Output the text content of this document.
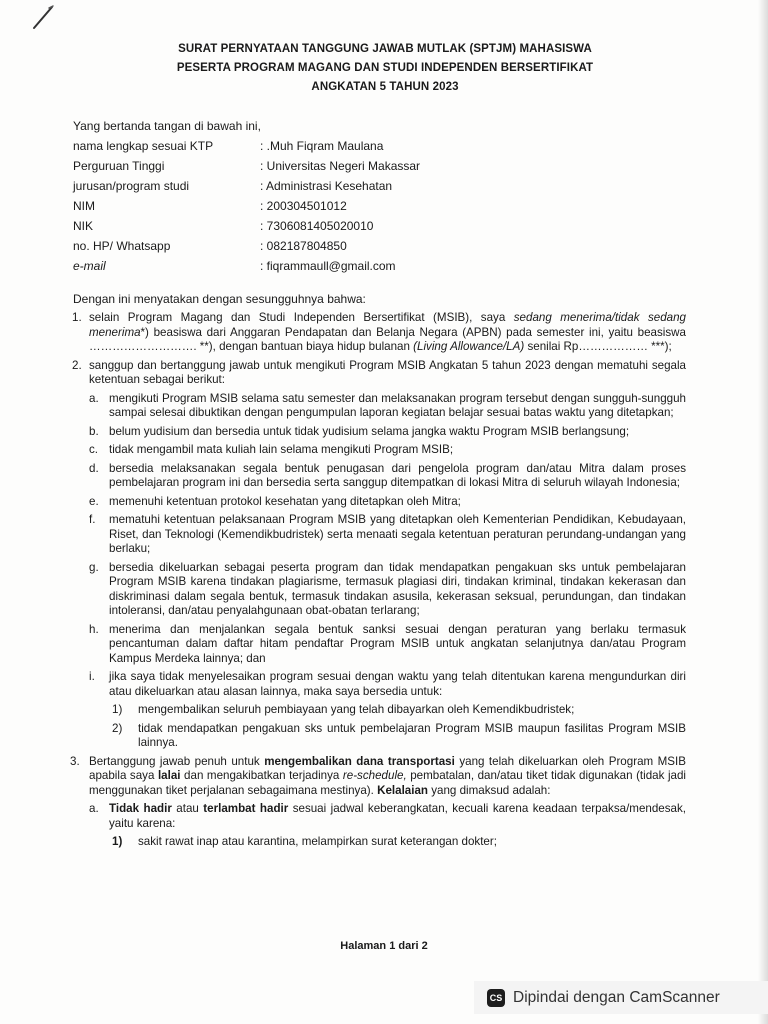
SURAT PERNYATAAN TANGGUNG JAWAB MUTLAK (SPTJM) MAHASISWA
PESERTA PROGRAM MAGANG DAN STUDI INDEPENDEN BERSERTIFIKAT
ANGKATAN 5 TAHUN 2023
Yang bertanda tangan di bawah ini,
nama lengkap sesuai KTP	: .Muh Fiqram Maulana
Perguruan Tinggi	: Universitas Negeri Makassar
jurusan/program studi	: Administrasi Kesehatan
NIM	: 200304501012
NIK	: 7306081405020010
no. HP/ Whatsapp	: 082187804850
e-mail	: fiqrammaull@gmail.com
Dengan ini menyatakan dengan sesungguhnya bahwa:
1. selain Program Magang dan Studi Independen Bersertifikat (MSIB), saya sedang menerima/tidak sedang menerima*) beasiswa dari Anggaran Pendapatan dan Belanja Negara (APBN) pada semester ini, yaitu beasiswa ………………………. **), dengan bantuan biaya hidup bulanan (Living Allowance/LA) senilai Rp……………… ***);
2. sanggup dan bertanggung jawab untuk mengikuti Program MSIB Angkatan 5 tahun 2023 dengan mematuhi segala ketentuan sebagai berikut:
a. mengikuti Program MSIB selama satu semester dan melaksanakan program tersebut dengan sungguh-sungguh sampai selesai dibuktikan dengan pengumpulan laporan kegiatan belajar sesuai batas waktu yang ditetapkan;
b. belum yudisium dan bersedia untuk tidak yudisium selama jangka waktu Program MSIB berlangsung;
c. tidak mengambil mata kuliah lain selama mengikuti Program MSIB;
d. bersedia melaksanakan segala bentuk penugasan dari pengelola program dan/atau Mitra dalam proses pembelajaran program ini dan bersedia serta sanggup ditempatkan di lokasi Mitra di seluruh wilayah Indonesia;
e. memenuhi ketentuan protokol kesehatan yang ditetapkan oleh Mitra;
f. mematuhi ketentuan pelaksanaan Program MSIB yang ditetapkan oleh Kementerian Pendidikan, Kebudayaan, Riset, dan Teknologi (Kemendikbudristek) serta menaati segala ketentuan peraturan perundang-undangan yang berlaku;
g. bersedia dikeluarkan sebagai peserta program dan tidak mendapatkan pengakuan sks untuk pembelajaran Program MSIB karena tindakan plagiarisme, termasuk plagiasi diri, tindakan kriminal, tindakan kekerasan dan diskriminasi dalam segala bentuk, termasuk tindakan asusila, kekerasan seksual, perundungan, dan tindakan intoleransi, dan/atau penyalahgunaan obat-obatan terlarang;
h. menerima dan menjalankan segala bentuk sanksi sesuai dengan peraturan yang berlaku termasuk pencantuman dalam daftar hitam pendaftar Program MSIB untuk angkatan selanjutnya dan/atau Program Kampus Merdeka lainnya; dan
i. jika saya tidak menyelesaikan program sesuai dengan waktu yang telah ditentukan karena mengundurkan diri atau dikeluarkan atau alasan lainnya, maka saya bersedia untuk:
1) mengembalikan seluruh pembiayaan yang telah dibayarkan oleh Kemendikbudristek;
2) tidak mendapatkan pengakuan sks untuk pembelajaran Program MSIB maupun fasilitas Program MSIB lainnya.
3. Bertanggung jawab penuh untuk mengembalikan dana transportasi yang telah dikeluarkan oleh Program MSIB apabila saya lalai dan mengakibatkan terjadinya re-schedule, pembatalan, dan/atau tiket tidak digunakan (tidak jadi menggunakan tiket perjalanan sebagaimana mestinya). Kelalaian yang dimaksud adalah:
a. Tidak hadir atau terlambat hadir sesuai jadwal keberangkatan, kecuali karena keadaan terpaksa/mendesak, yaitu karena:
1) sakit rawat inap atau karantina, melampirkan surat keterangan dokter;
Halaman 1 dari 2
CS Dipindai dengan CamScanner
